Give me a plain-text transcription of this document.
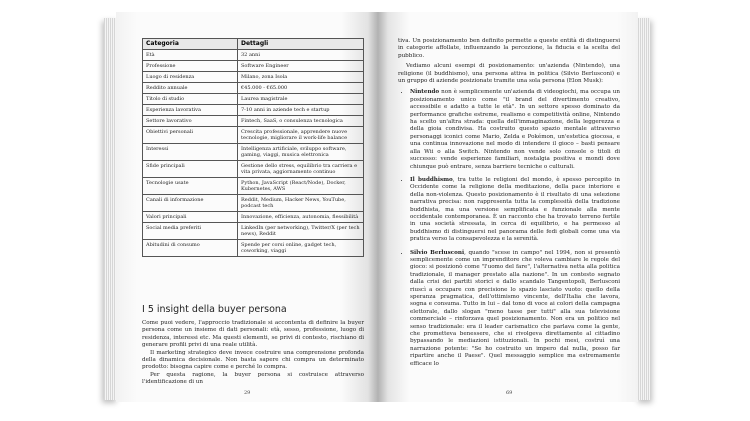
Categoria	Dettagli
Età	32 anni
Professione	Software Engineer
Luogo di residenza	Milano, zona Isola
Reddito annuale	€45.000 - €65.000
Titolo di studio	Laurea magistrale
Esperienza lavorativa	7-10 anni in aziende tech e startup
Settore lavorativo	Fintech, SaaS, o consulenza tecnologica
Obiettivi personali	Crescita professionale, apprendere nuove tecnologie, migliorare il work-life balance
Interessi	Intelligenza artificiale, sviluppo software, gaming, viaggi, musica elettronica
Sfide principali	Gestione dello stress, equilibrio tra carriera e vita privata, aggiornamento continuo
Tecnologie usate	Python, JavaScript (React/Node), Docker, Kubernetes, AWS
Canali di informazione	Reddit, Medium, Hacker News, YouTube, podcast tech
Valori principali	Innovazione, efficienza, autonomia, flessibilità
Social media preferiti	LinkedIn (per networking), Twitter/X (per tech news), Reddit
Abitudini di consumo	Spende per corsi online, gadget tech, coworking, viaggi
I 5 insight della buyer persona

Come puoi vedere, l'approccio tradizionale si accontenta di definire la buyer persona come un insieme di dati personali: età, sesso, professione, luogo di residenza, interessi etc. Ma questi elementi, se privi di contesto, rischiano di generare profili privi di una reale utilità.

Il marketing strategico deve invece costruire una comprensione profonda della dinamica decisionale. Non basta sapere chi compra un determinato prodotto: bisogna capire come e perché lo compra.

Per questa ragione, la buyer persona si costruisce attraverso l'identificazione di un

29

tiva. Un posizionamento ben definito permette a queste entità di distinguersi in categorie affollate, influenzando la percezione, la fiducia e la scelta del pubblico.

Vediamo alcuni esempi di posizionamento: un'azienda (Nintendo), una religione (il buddhismo), una persona attiva in politica (Silvio Berlusconi) e un gruppo di aziende posizionate tramite una sola persona (Elon Musk):

• Nintendo non è semplicemente un'azienda di videogiochi, ma occupa un posizionamento unico come "il brand del divertimento creativo, accessibile e adatto a tutte le età". In un settore spesso dominato da performance grafiche estreme, realismo e competitività online, Nintendo ha scelto un'altra strada: quella dell'immaginazione, della leggerezza e della gioia condivisa. Ha costruito questo spazio mentale attraverso personaggi iconici come Mario, Zelda e Pokémon, un'estetica giocosa, e una continua innovazione nel modo di intendere il gioco – basti pensare alla Wii o alla Switch. Nintendo non vende solo console o titoli di successo: vende esperienze familiari, nostalgia positiva e mondi dove chiunque può entrare, senza barriere tecniche o culturali.
• Il buddhismo, tra tutte le religioni del mondo, è spesso percepito in Occidente come la religione della meditazione, della pace interiore e della non-violenza. Questo posizionamento è il risultato di una selezione narrativa precisa: non rappresenta tutta la complessità della tradizione buddhista, ma una versione semplificata e funzionale alla mente occidentale contemporanea. È un racconto che ha trovato terreno fertile in una società stressata, in cerca di equilibrio, e ha permesso al buddhismo di distinguersi nel panorama delle fedi globali come una via pratica verso la consapevolezza e la serenità.
• Silvio Berlusconi, quando "scese in campo" nel 1994, non si presentò semplicemente come un imprenditore che voleva cambiare le regole del gioco: si posizionò come "l'uomo del fare", l'alternativa netta alla politica tradizionale, il manager prestato alla nazione". In un contesto segnato dalla crisi dei partiti storici e dallo scandalo Tangentopoli, Berlusconi riuscì a occupare con precisione lo spazio lasciato vuoto: quello della speranza pragmatica, dell'ottimismo vincente, dell'Italia che lavora, sogna e consuma. Tutto in lui – dal tono di voce ai colori della campagna elettorale, dallo slogan "meno tasse per tutti" alla sua televisione commerciale – rinforzava quel posizionamento. Non era un politico nel senso tradizionale: era il leader carismatico che parlava come la gente, che prometteva benessere, che si rivolgeva direttamente al cittadino bypassando le mediazioni istituzionali. In pochi mesi, costruì una narrazione potente: "Se ho costruito un impero dal nulla, posso far ripartire anche il Paese". Quel messaggio semplice ma estremamente efficace lo
69
